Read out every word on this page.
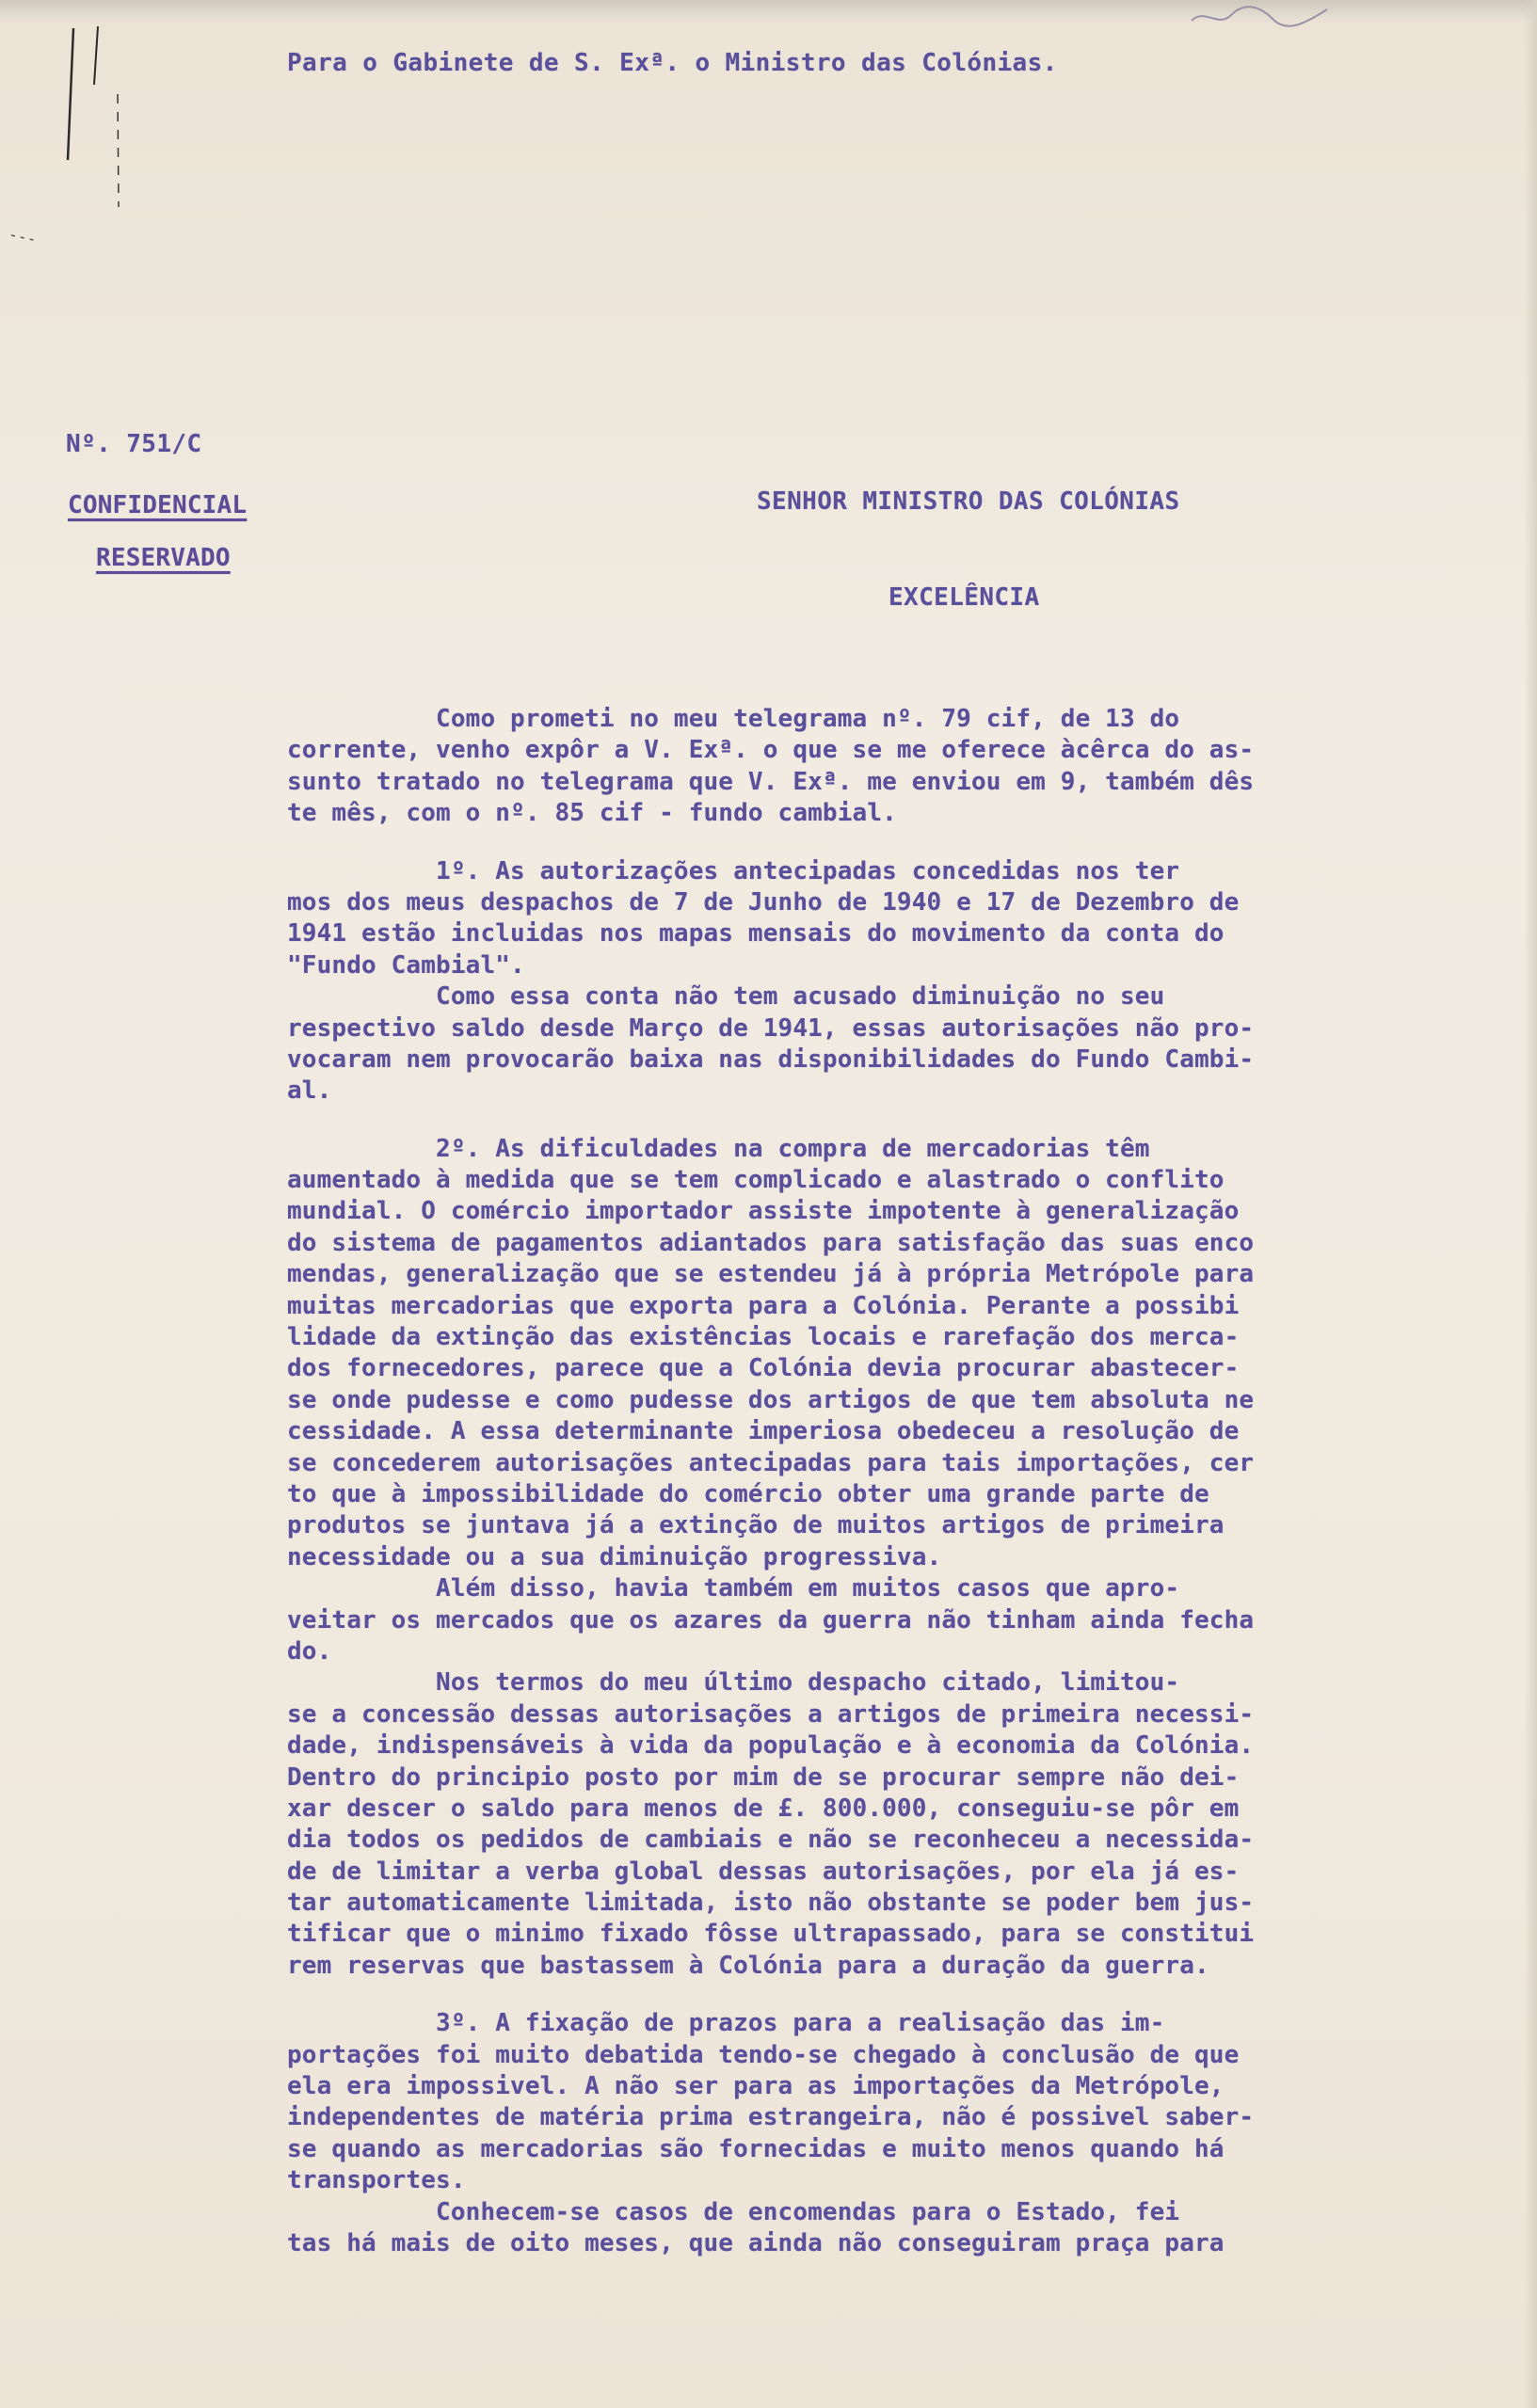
Para o Gabinete de S. Exª. o Ministro das Colónias.
Nº. 751/C
CONFIDENCIAL
RESERVADO
SENHOR MINISTRO DAS COLÓNIAS
EXCELÊNCIA
Como prometi no meu telegrama nº. 79 cif, de 13 do
corrente, venho expôr a V. Exª. o que se me oferece àcêrca do as-
sunto tratado no telegrama que V. Exª. me enviou em 9, também dês
te mês, com o nº. 85 cif - fundo cambial.
1º. As autorizações antecipadas concedidas nos ter
mos dos meus despachos de 7 de Junho de 1940 e 17 de Dezembro de
1941 estão incluidas nos mapas mensais do movimento da conta do
"Fundo Cambial".
Como essa conta não tem acusado diminuição no seu
respectivo saldo desde Março de 1941, essas autorisações não pro-
vocaram nem provocarão baixa nas disponibilidades do Fundo Cambi-
al.
2º. As dificuldades na compra de mercadorias têm
aumentado à medida que se tem complicado e alastrado o conflito
mundial. O comércio importador assiste impotente à generalização
do sistema de pagamentos adiantados para satisfação das suas enco
mendas, generalização que se estendeu já à própria Metrópole para
muitas mercadorias que exporta para a Colónia. Perante a possibi
lidade da extinção das existências locais e rarefação dos merca-
dos fornecedores, parece que a Colónia devia procurar abastecer-
se onde pudesse e como pudesse dos artigos de que tem absoluta ne
cessidade. A essa determinante imperiosa obedeceu a resolução de
se concederem autorisações antecipadas para tais importações, cer
to que à impossibilidade do comércio obter uma grande parte de
produtos se juntava já a extinção de muitos artigos de primeira
necessidade ou a sua diminuição progressiva.
Além disso, havia também em muitos casos que apro-
veitar os mercados que os azares da guerra não tinham ainda fecha
do.
Nos termos do meu último despacho citado, limitou-
se a concessão dessas autorisações a artigos de primeira necessi-
dade, indispensáveis à vida da população e à economia da Colónia.
Dentro do principio posto por mim de se procurar sempre não dei-
xar descer o saldo para menos de £. 800.000, conseguiu-se pôr em
dia todos os pedidos de cambiais e não se reconheceu a necessida-
de de limitar a verba global dessas autorisações, por ela já es-
tar automaticamente limitada, isto não obstante se poder bem jus-
tificar que o minimo fixado fôsse ultrapassado, para se constitui
rem reservas que bastassem à Colónia para a duração da guerra.
3º. A fixação de prazos para a realisação das im-
portações foi muito debatida tendo-se chegado à conclusão de que
ela era impossivel. A não ser para as importações da Metrópole,
independentes de matéria prima estrangeira, não é possivel saber-
se quando as mercadorias são fornecidas e muito menos quando há
transportes.
Conhecem-se casos de encomendas para o Estado, fei
tas há mais de oito meses, que ainda não conseguiram praça para
